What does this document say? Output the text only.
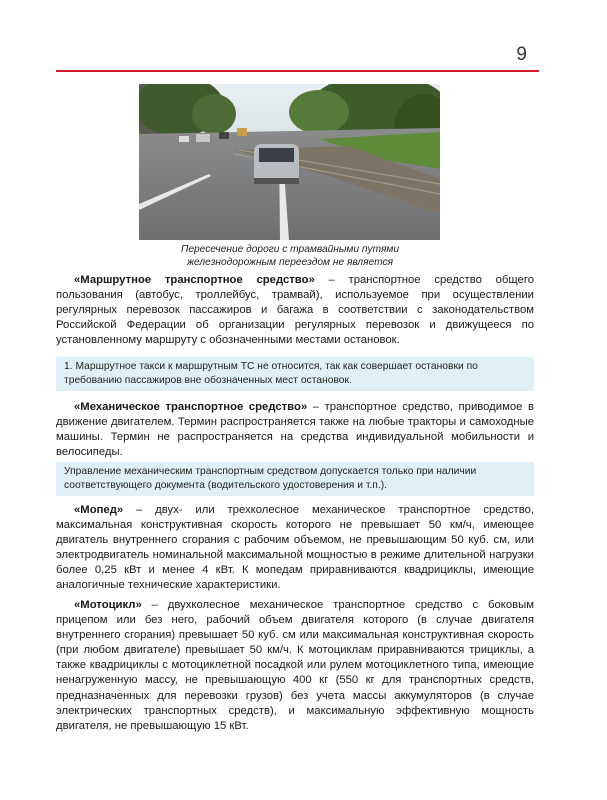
9
Пересечение дороги с трамвайными путями
железнодорожным переездом не является

«Маршрутное транспортное средство» – транспортное средство общего пользования (автобус, троллейбус, трамвай), используемое при осуществлении регулярных перевозок пассажиров и багажа в соответствии с законодательством Российской Федерации об организации регулярных перевозок и движущееся по установленному маршруту с обозначенными местами остановок.

1. Маршрутное такси к маршрутным ТС не относится, так как совершает остановки по требованию пассажиров вне обозначенных мест остановок.

«Механическое транспортное средство» – транспортное средство, приводимое в движение двигателем. Термин распространяется также на любые тракторы и самоходные машины. Термин не распространяется на средства индивидуальной мобильности и велосипеды.

Управление механическим транспортным средством допускается только при наличии соответствующего документа (водительского удостоверения и т.п.).

«Мопед» – двух- или трехколесное механическое транспортное средство, максимальная конструктивная скорость которого не превышает 50 км/ч, имеющее двигатель внутреннего сгорания с рабочим объемом, не превышающим 50 куб. см, или электродвигатель номинальной максимальной мощностью в режиме длительной нагрузки более 0,25 кВт и менее 4 кВт. К мопедам приравниваются квадрициклы, имеющие аналогичные технические характеристики.

«Мотоцикл» – двухколесное механическое транспортное средство с боковым прицепом или без него, рабочий объем двигателя которого (в случае двигателя внутреннего сгорания) превышает 50 куб. см или максимальная конструктивная скорость (при любом двигателе) превышает 50 км/ч. К мотоциклам приравниваются трициклы, а также квадрициклы с мотоциклетной посадкой или рулем мотоциклетного типа, имеющие ненагруженную массу, не превышающую 400 кг (550 кг для транспортных средств, предназначенных для перевозки грузов) без учета массы аккумуляторов (в случае электрических транспортных средств), и максимальную эффективную мощность двигателя, не превышающую 15 кВт.
